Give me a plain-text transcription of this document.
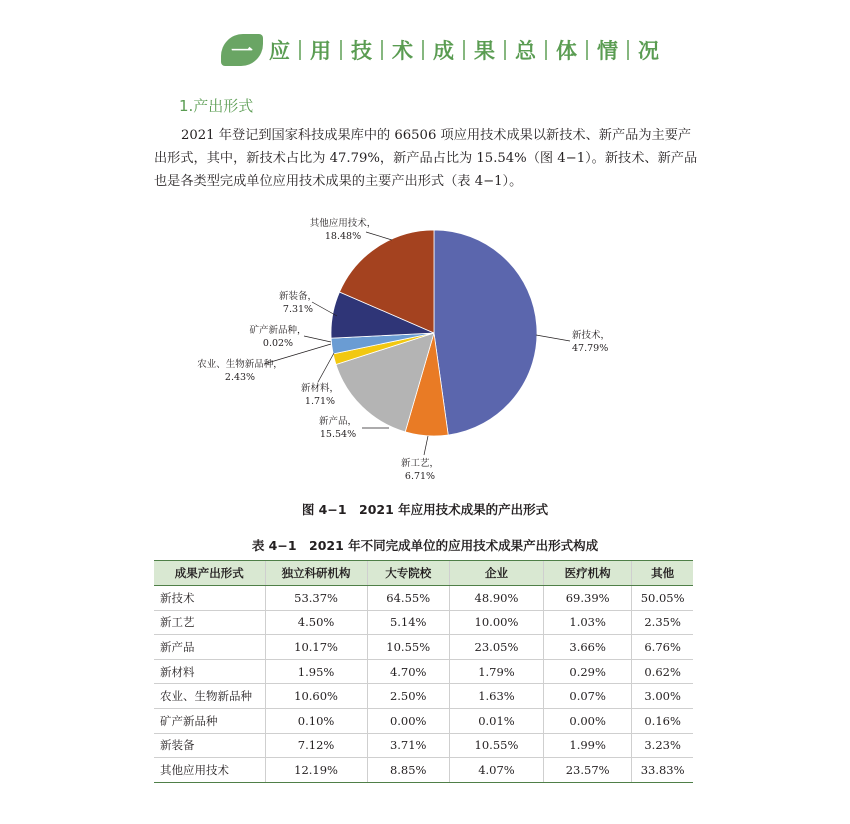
一 应 用 技 术 成 果 总 体 情 况
1.产出形式
2021 年登记到国家科技成果库中的 66506 项应用技术成果以新技术、新产品为主要产出形式，其中，新技术占比为 47.79%，新产品占比为 15.54%（图 4−1）。新技术、新产品也是各类型完成单位应用技术成果的主要产出形式（表 4−1）。
新技术，
47.79%
新工艺，
6.71%
新产品，
15.54%
新材料，
1.71%
农业、生物新品种，
2.43%
矿产新品种，
0.02%
新装备，
7.31%
其他应用技术，
18.48%
图 4−1　2021 年应用技术成果的产出形式
表 4−1　2021 年不同完成单位的应用技术成果产出形式构成
成果产出形式	独立科研机构	大专院校	企业	医疗机构	其他
新技术	53.37%	64.55%	48.90%	69.39%	50.05%
新工艺	4.50%	5.14%	10.00%	1.03%	2.35%
新产品	10.17%	10.55%	23.05%	3.66%	6.76%
新材料	1.95%	4.70%	1.79%	0.29%	0.62%
农业、生物新品种	10.60%	2.50%	1.63%	0.07%	3.00%
矿产新品种	0.10%	0.00%	0.01%	0.00%	0.16%
新装备	7.12%	3.71%	10.55%	1.99%	3.23%
其他应用技术	12.19%	8.85%	4.07%	23.57%	33.83%
